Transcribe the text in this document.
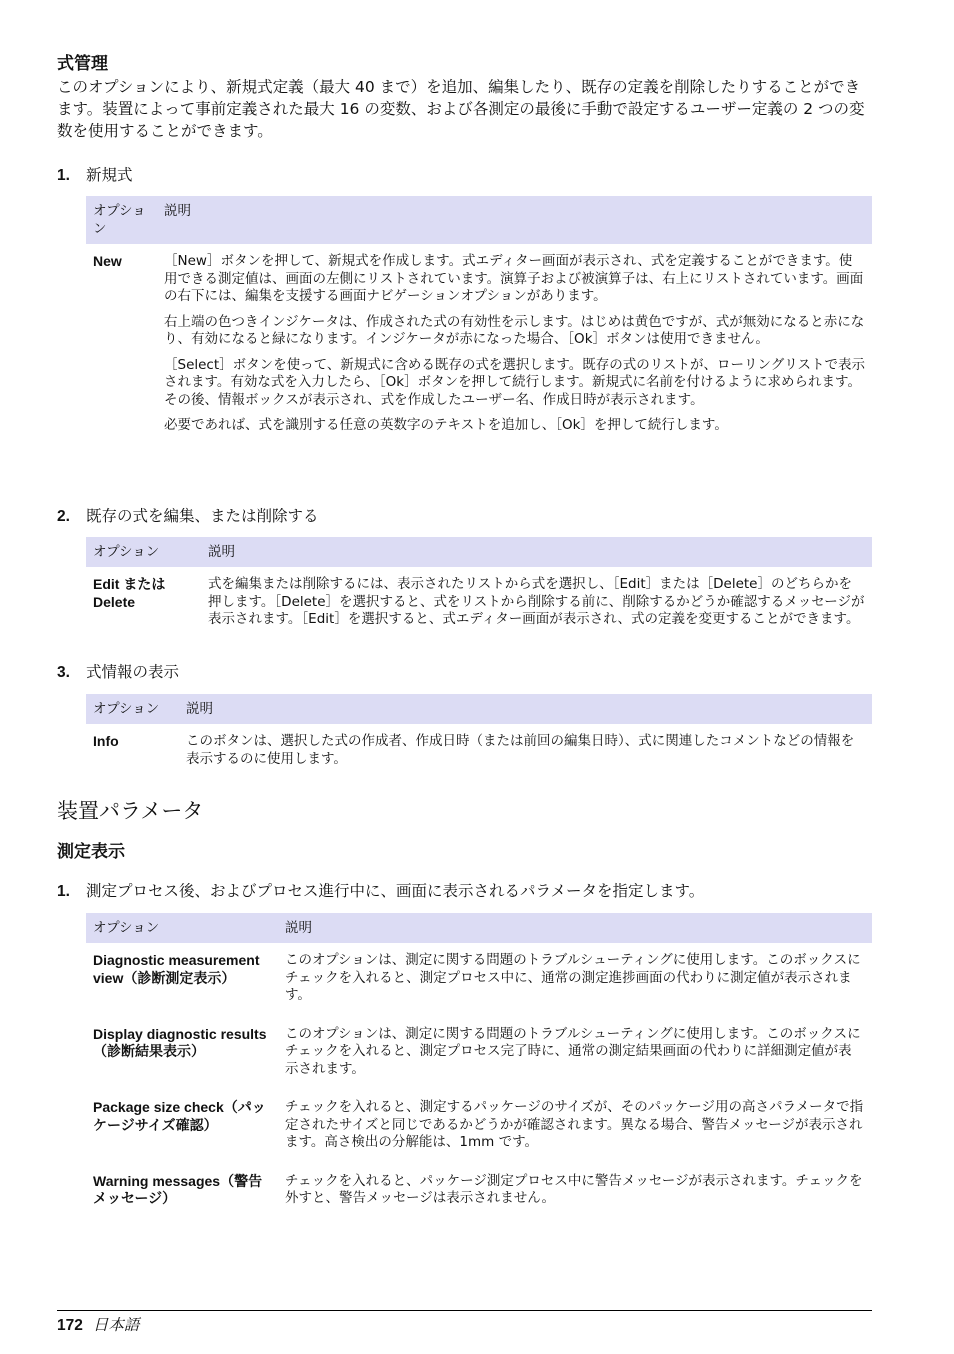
式管理

このオプションにより、新規式定義（最大 40 まで）を追加、編集したり、既存の定義を削除したりすることができます。装置によって事前定義された最大 16 の変数、および各測定の最後に手動で設定するユーザー定義の 2 つの変数を使用することができます。

1. 新規式
オプション	説明
New	［New］ボタンを押して、新規式を作成します。式エディター画面が表示され、式を定義することができます。使用できる測定値は、画面の左側にリストされています。演算子および被演算子は、右上にリストされています。画面の右下には、編集を支援する画面ナビゲーションオプションがあります。

右上端の色つきインジケータは、作成された式の有効性を示します。はじめは黄色ですが、式が無効になると赤になり、有効になると緑になります。インジケータが赤になった場合、［Ok］ボタンは使用できません。

［Select］ボタンを使って、新規式に含める既存の式を選択します。既存の式のリストが、ローリングリストで表示されます。有効な式を入力したら、［Ok］ボタンを押して続行します。新規式に名前を付けるように求められます。その後、情報ボックスが表示され、式を作成したユーザー名、作成日時が表示されます。

必要であれば、式を識別する任意の英数字のテキストを追加し、［Ok］を押して続行します。

2. 既存の式を編集、または削除する
オプション	説明

Edit または
Delete	式を編集または削除するには、表示されたリストから式を選択し、［Edit］または［Delete］のどちらかを押します。［Delete］を選択すると、式をリストから削除する前に、削除するかどうか確認するメッセージが表示されます。［Edit］を選択すると、式エディター画面が表示され、式の定義を変更することができます。

3. 式情報の表示
オプション	説明
Info	このボタンは、選択した式の作成者、作成日時（または前回の編集日時）、式に関連したコメントなどの情報を表示するのに使用します。

装置パラメータ
測定表示
1. 測定プロセス後、およびプロセス進行中に、画面に表示されるパラメータを指定します。
オプション	説明
Diagnostic measurement view（診断測定表示）	このオプションは、測定に関する問題のトラブルシューティングに使用します。このボックスにチェックを入れると、測定プロセス中に、通常の測定進捗画面の代わりに測定値が表示されます。

Display diagnostic results（診断結果表示）	このオプションは、測定に関する問題のトラブルシューティングに使用します。このボックスにチェックを入れると、測定プロセス完了時に、通常の測定結果画面の代わりに詳細測定値が表示されます。

Package size check（パッケージサイズ確認）	チェックを入れると、測定するパッケージのサイズが、そのパッケージ用の高さパラメータで指定されたサイズと同じであるかどうかが確認されます。異なる場合、警告メッセージが表示されます。高さ検出の分解能は、1mm です。

Warning messages（警告メッセージ）	チェックを入れると、パッケージ測定プロセス中に警告メッセージが表示されます。チェックを外すと、警告メッセージは表示されません。

172 日本語
